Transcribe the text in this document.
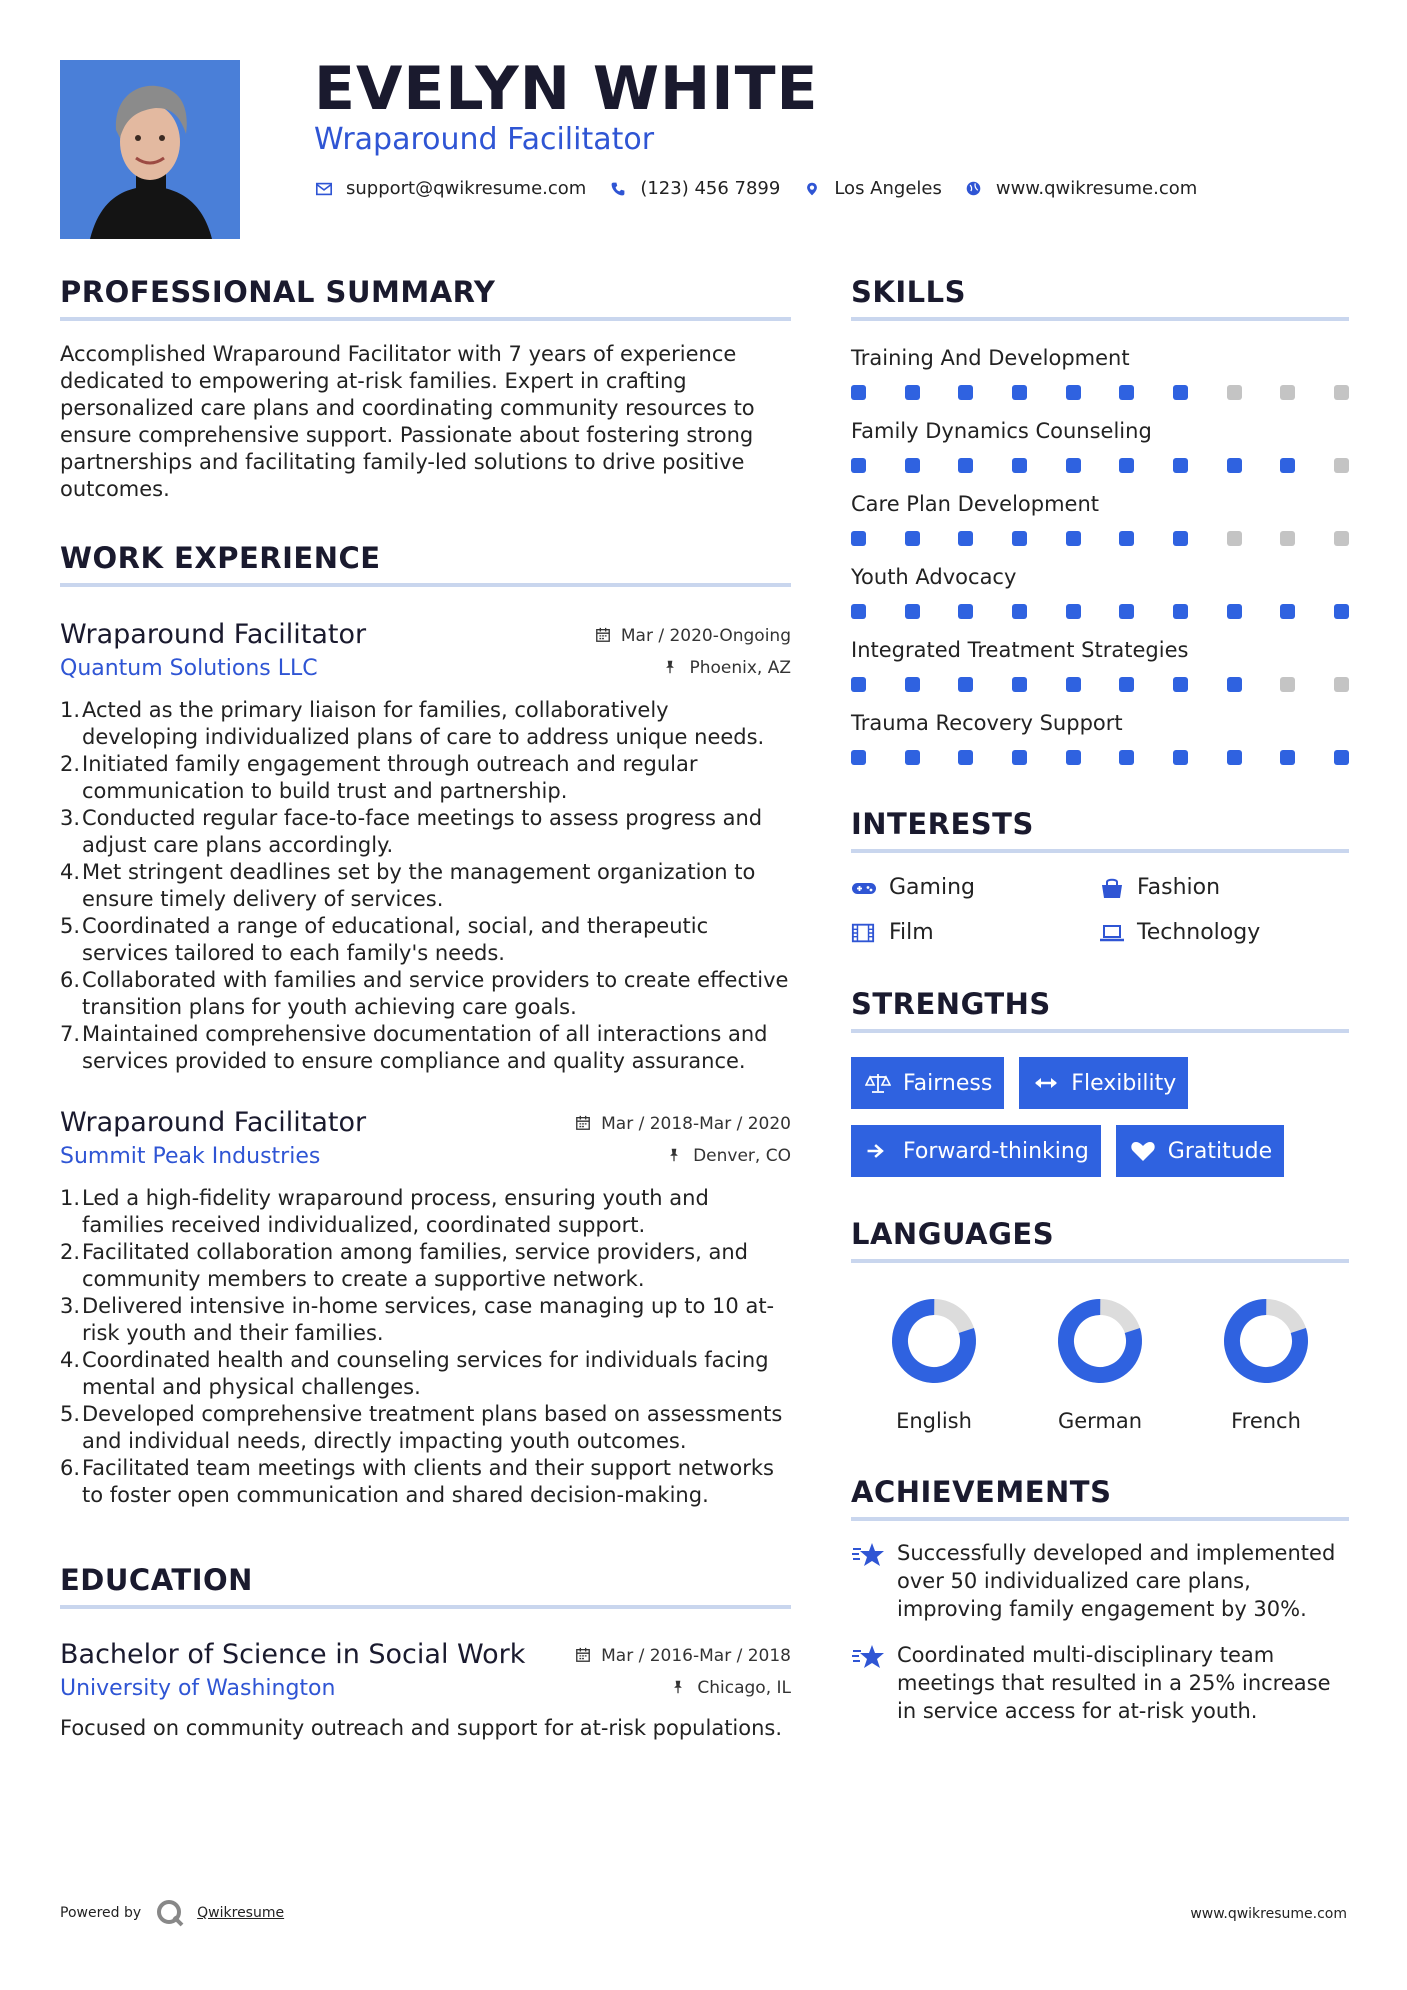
EVELYN WHITE
Wraparound Facilitator
support@qwikresume.com	(123) 456 7899	Los Angeles	www.qwikresume.com
PROFESSIONAL SUMMARY
Accomplished Wraparound Facilitator with 7 years of experience dedicated to empowering at-risk families. Expert in crafting personalized care plans and coordinating community resources to ensure comprehensive support. Passionate about fostering strong partnerships and facilitating family-led solutions to drive positive outcomes.
WORK EXPERIENCE
Wraparound Facilitator	Mar / 2020-Ongoing
Quantum Solutions LLC	Phoenix, AZ
1. Acted as the primary liaison for families, collaboratively developing individualized plans of care to address unique needs.
2. Initiated family engagement through outreach and regular communication to build trust and partnership.
3. Conducted regular face-to-face meetings to assess progress and adjust care plans accordingly.
4. Met stringent deadlines set by the management organization to ensure timely delivery of services.
5. Coordinated a range of educational, social, and therapeutic services tailored to each family's needs.
6. Collaborated with families and service providers to create effective transition plans for youth achieving care goals.
7. Maintained comprehensive documentation of all interactions and services provided to ensure compliance and quality assurance.
Wraparound Facilitator	Mar / 2018-Mar / 2020
Summit Peak Industries	Denver, CO
1. Led a high-fidelity wraparound process, ensuring youth and families received individualized, coordinated support.
2. Facilitated collaboration among families, service providers, and community members to create a supportive network.
3. Delivered intensive in-home services, case managing up to 10 at-risk youth and their families.
4. Coordinated health and counseling services for individuals facing mental and physical challenges.
5. Developed comprehensive treatment plans based on assessments and individual needs, directly impacting youth outcomes.
6. Facilitated team meetings with clients and their support networks to foster open communication and shared decision-making.
EDUCATION
Bachelor of Science in Social Work	Mar / 2016-Mar / 2018
University of Washington	Chicago, IL
Focused on community outreach and support for at-risk populations.
SKILLS
Training And Development
Family Dynamics Counseling
Care Plan Development
Youth Advocacy
Integrated Treatment Strategies
Trauma Recovery Support
INTERESTS
Gaming	Fashion
Film	Technology
STRENGTHS
Fairness	Flexibility
Forward-thinking	Gratitude
LANGUAGES
English	German	French
ACHIEVEMENTS
Successfully developed and implemented over 50 individualized care plans, improving family engagement by 30%.
Coordinated multi-disciplinary team meetings that resulted in a 25% increase in service access for at-risk youth.
Powered by	Qwikresume	www.qwikresume.com
